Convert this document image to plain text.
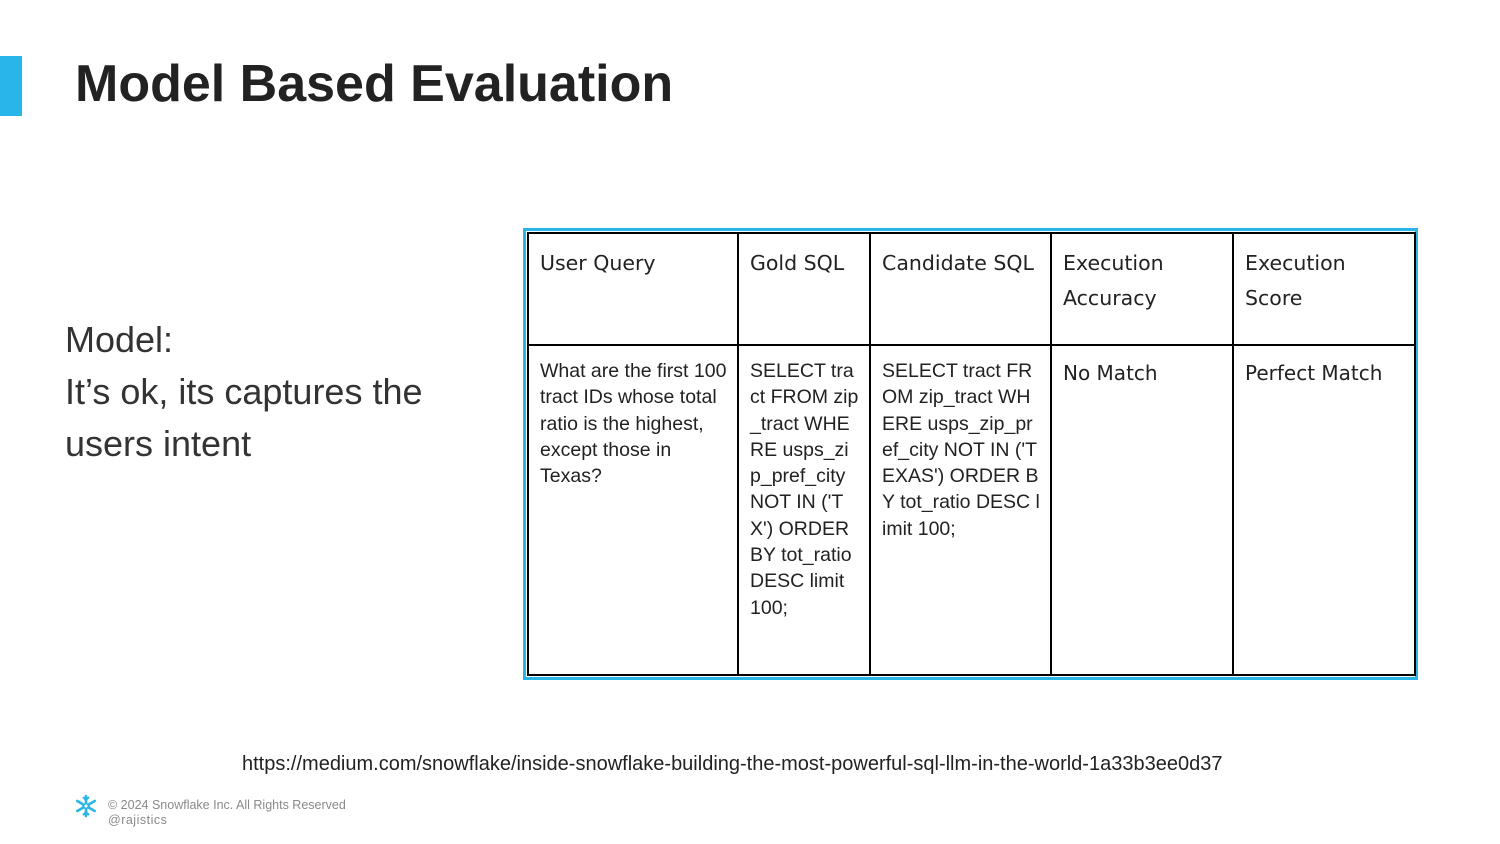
Model Based Evaluation
Model:
It’s ok, its captures the
users intent
User Query	Gold SQL	Candidate SQL	Execution Accuracy	Execution Score
What are the first 100 tract IDs whose total ratio is the highest, except those in Texas?	SELECT tract FROM zip_tract WHERE usps_zip_pref_city NOT IN ('TX') ORDER BY tot_ratio DESC limit 100;	SELECT tract FROM zip_tract WHERE usps_zip_pref_city NOT IN ('TEXAS') ORDER BY tot_ratio DESC limit 100;	No Match	Perfect Match
https://medium.com/snowflake/inside-snowflake-building-the-most-powerful-sql-llm-in-the-world-1a33b3ee0d37
© 2024 Snowflake Inc. All Rights Reserved
@rajistics
